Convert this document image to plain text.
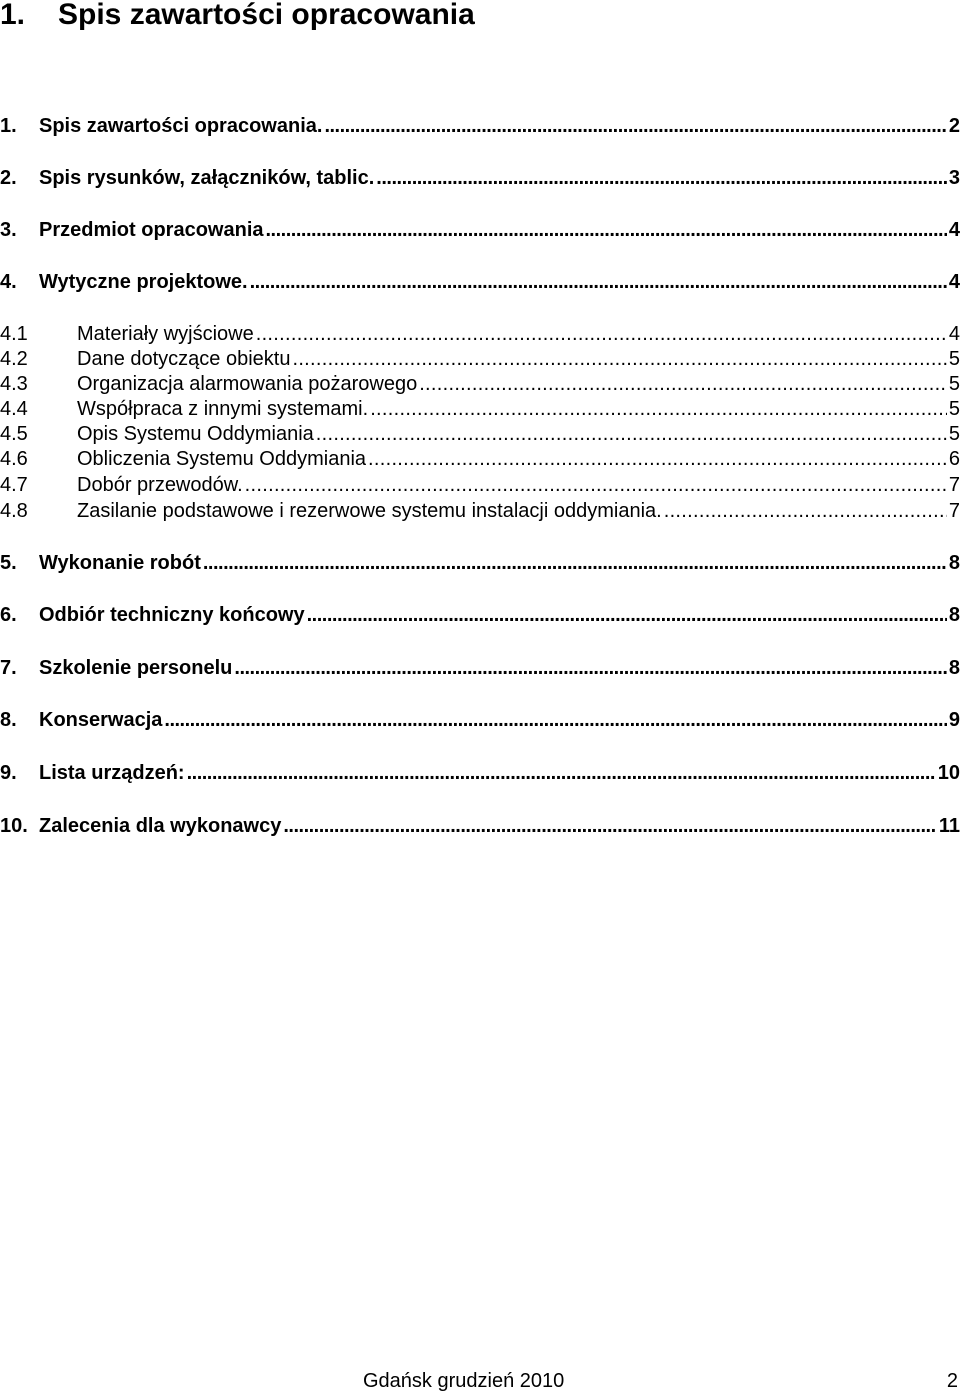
1. Spis zawartości opracowania
1.	Spis zawartości opracowania. .....	2
2.	Spis rysunków, załączników, tablic. .....	3
3.	Przedmiot opracowania .....	4
4.	Wytyczne projektowe. .....	4
4.1	Materiały wyjściowe .....	4
4.2	Dane dotyczące obiektu .....	5
4.3	Organizacja alarmowania pożarowego .....	5
4.4	Współpraca z innymi systemami. .....	5
4.5	Opis Systemu Oddymiania .....	5
4.6	Obliczenia Systemu Oddymiania .....	6
4.7	Dobór przewodów. .....	7
4.8	Zasilanie podstawowe i rezerwowe systemu instalacji oddymiania. .....	7
5.	Wykonanie robót .....	8
6.	Odbiór techniczny końcowy .....	8
7.	Szkolenie personelu .....	8
8.	Konserwacja .....	9
9.	Lista urządzeń: .....	10
10. Zalecenia dla wykonawcy .....	11
Gdańsk grudzień 2010	2
